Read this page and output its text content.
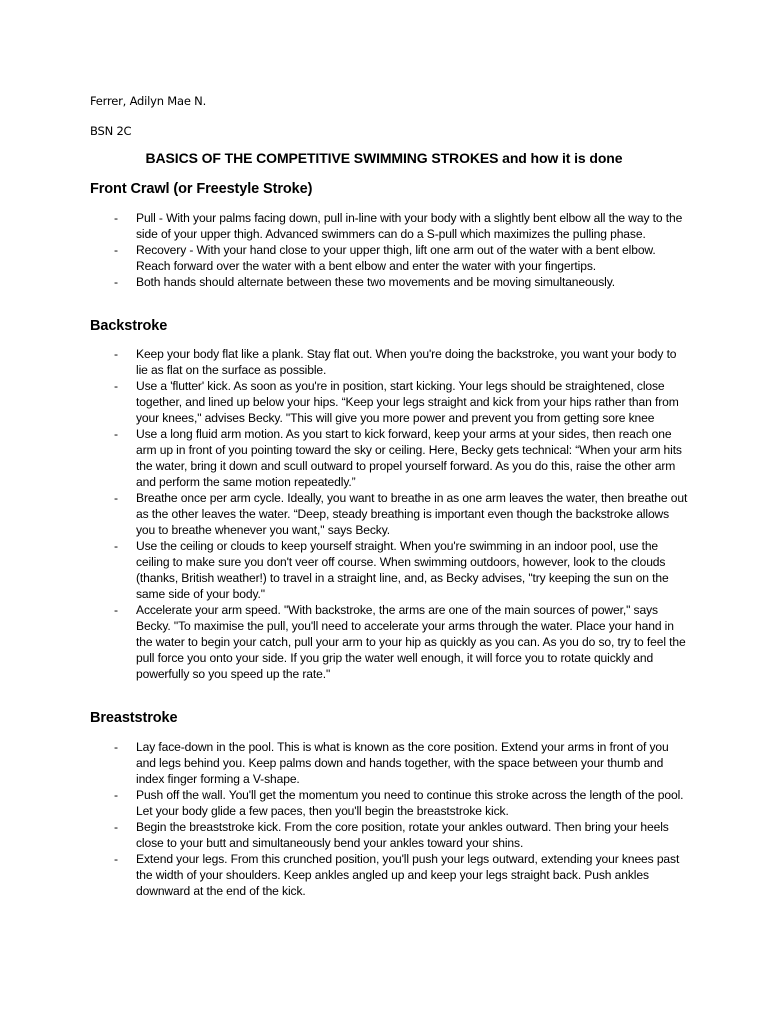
Ferrer, Adilyn Mae N.
BSN 2C
BASICS OF THE COMPETITIVE SWIMMING STROKES and how it is done
Front Crawl (or Freestyle Stroke)
- Pull - With your palms facing down, pull in-line with your body with a slightly bent elbow all the way to the side of your upper thigh. Advanced swimmers can do a S-pull which maximizes the pulling phase.
- Recovery - With your hand close to your upper thigh, lift one arm out of the water with a bent elbow. Reach forward over the water with a bent elbow and enter the water with your fingertips.
- Both hands should alternate between these two movements and be moving simultaneously.
Backstroke
- Keep your body flat like a plank. Stay flat out. When you're doing the backstroke, you want your body to lie as flat on the surface as possible.
- Use a 'flutter' kick. As soon as you're in position, start kicking. Your legs should be straightened, close together, and lined up below your hips. “Keep your legs straight and kick from your hips rather than from your knees," advises Becky. "This will give you more power and prevent you from getting sore knee
- Use a long fluid arm motion. As you start to kick forward, keep your arms at your sides, then reach one arm up in front of you pointing toward the sky or ceiling. Here, Becky gets technical: “When your arm hits the water, bring it down and scull outward to propel yourself forward. As you do this, raise the other arm and perform the same motion repeatedly.”
- Breathe once per arm cycle. Ideally, you want to breathe in as one arm leaves the water, then breathe out as the other leaves the water. “Deep, steady breathing is important even though the backstroke allows you to breathe whenever you want," says Becky.
- Use the ceiling or clouds to keep yourself straight. When you're swimming in an indoor pool, use the ceiling to make sure you don't veer off course. When swimming outdoors, however, look to the clouds (thanks, British weather!) to travel in a straight line, and, as Becky advises, "try keeping the sun on the same side of your body."
- Accelerate your arm speed. "With backstroke, the arms are one of the main sources of power," says Becky. "To maximise the pull, you'll need to accelerate your arms through the water. Place your hand in the water to begin your catch, pull your arm to your hip as quickly as you can. As you do so, try to feel the pull force you onto your side. If you grip the water well enough, it will force you to rotate quickly and powerfully so you speed up the rate."
Breaststroke
- Lay face-down in the pool. This is what is known as the core position. Extend your arms in front of you and legs behind you. Keep palms down and hands together, with the space between your thumb and index finger forming a V-shape.
- Push off the wall. You'll get the momentum you need to continue this stroke across the length of the pool. Let your body glide a few paces, then you'll begin the breaststroke kick.
- Begin the breaststroke kick. From the core position, rotate your ankles outward. Then bring your heels close to your butt and simultaneously bend your ankles toward your shins.
- Extend your legs. From this crunched position, you'll push your legs outward, extending your knees past the width of your shoulders. Keep ankles angled up and keep your legs straight back. Push ankles downward at the end of the kick.
